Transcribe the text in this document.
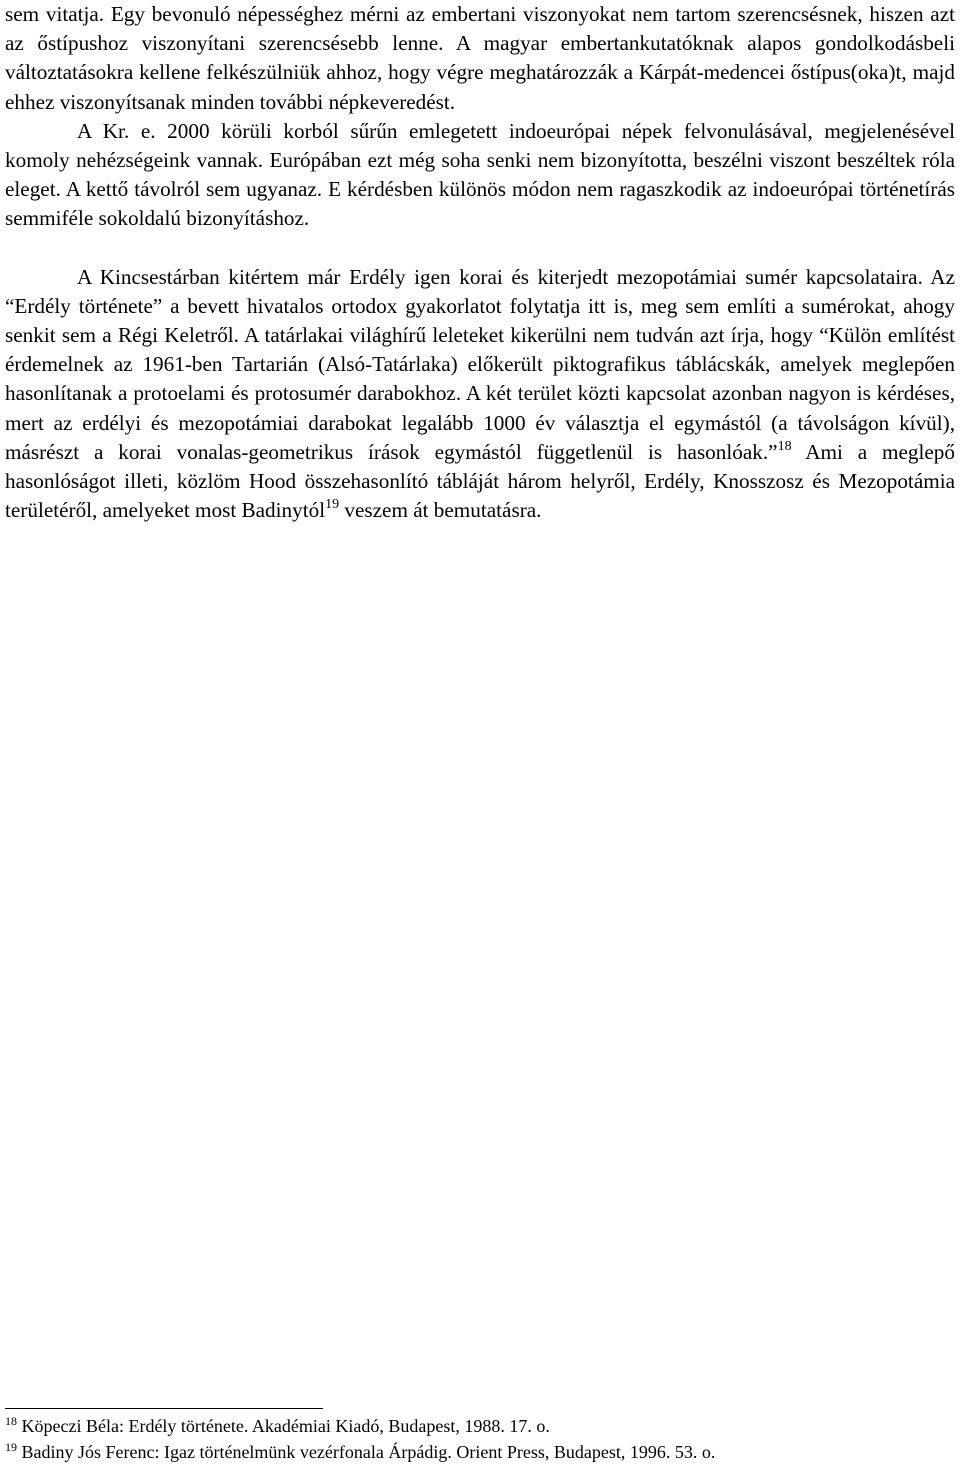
sem vitatja. Egy bevonuló népességhez mérni az embertani viszonyokat nem tartom szerencsésnek, hiszen azt az őstípushoz viszonyítani szerencsésebb lenne. A magyar embertankutatóknak alapos gondolkodásbeli változtatásokra kellene felkészülniük ahhoz, hogy végre meghatározzák a Kárpát-medencei őstípus(oka)t, majd ehhez viszonyítsanak minden további népkeveredést.

A Kr. e. 2000 körüli korból sűrűn emlegetett indoeurópai népek felvonulásával, megjelenésével komoly nehézségeink vannak. Európában ezt még soha senki nem bizonyította, beszélni viszont beszéltek róla eleget. A kettő távolról sem ugyanaz. E kérdésben különös módon nem ragaszkodik az indoeurópai történetírás semmiféle sokoldalú bizonyításhoz.

A Kincsestárban kitértem már Erdély igen korai és kiterjedt mezopotámiai sumér kapcsolataira. Az “Erdély története” a bevett hivatalos ortodox gyakorlatot folytatja itt is, meg sem említi a sumérokat, ahogy senkit sem a Régi Keletről. A tatárlakai világhírű leleteket kikerülni nem tudván azt írja, hogy “Külön említést érdemelnek az 1961-ben Tartarián (Alsó-Tatárlaka) előkerült piktografikus táblácskák, amelyek meglepően hasonlítanak a protoelami és protosumér darabokhoz. A két terület közti kapcsolat azonban nagyon is kérdéses, mert az erdélyi és mezopotámiai darabokat legalább 1000 év választja el egymástól (a távolságon kívül), másrészt a korai vonalas-geometrikus írások egymástól függetlenül is hasonlóak.”$^{18}$ Ami a meglepő hasonlóságot illeti, közlöm Hood összehasonlító tábláját három helyről, Erdély, Knosszosz és Mezopotámia területéről, amelyeket most Badinytól$^{19}$ veszem át bemutatásra.

$^{18}$ Köpeczi Béla: Erdély története. Akadémiai Kiadó, Budapest, 1988. 17. o.

$^{19}$ Badiny Jós Ferenc: Igaz történelmünk vezérfonala Árpádig. Orient Press, Budapest, 1996. 53. o.
